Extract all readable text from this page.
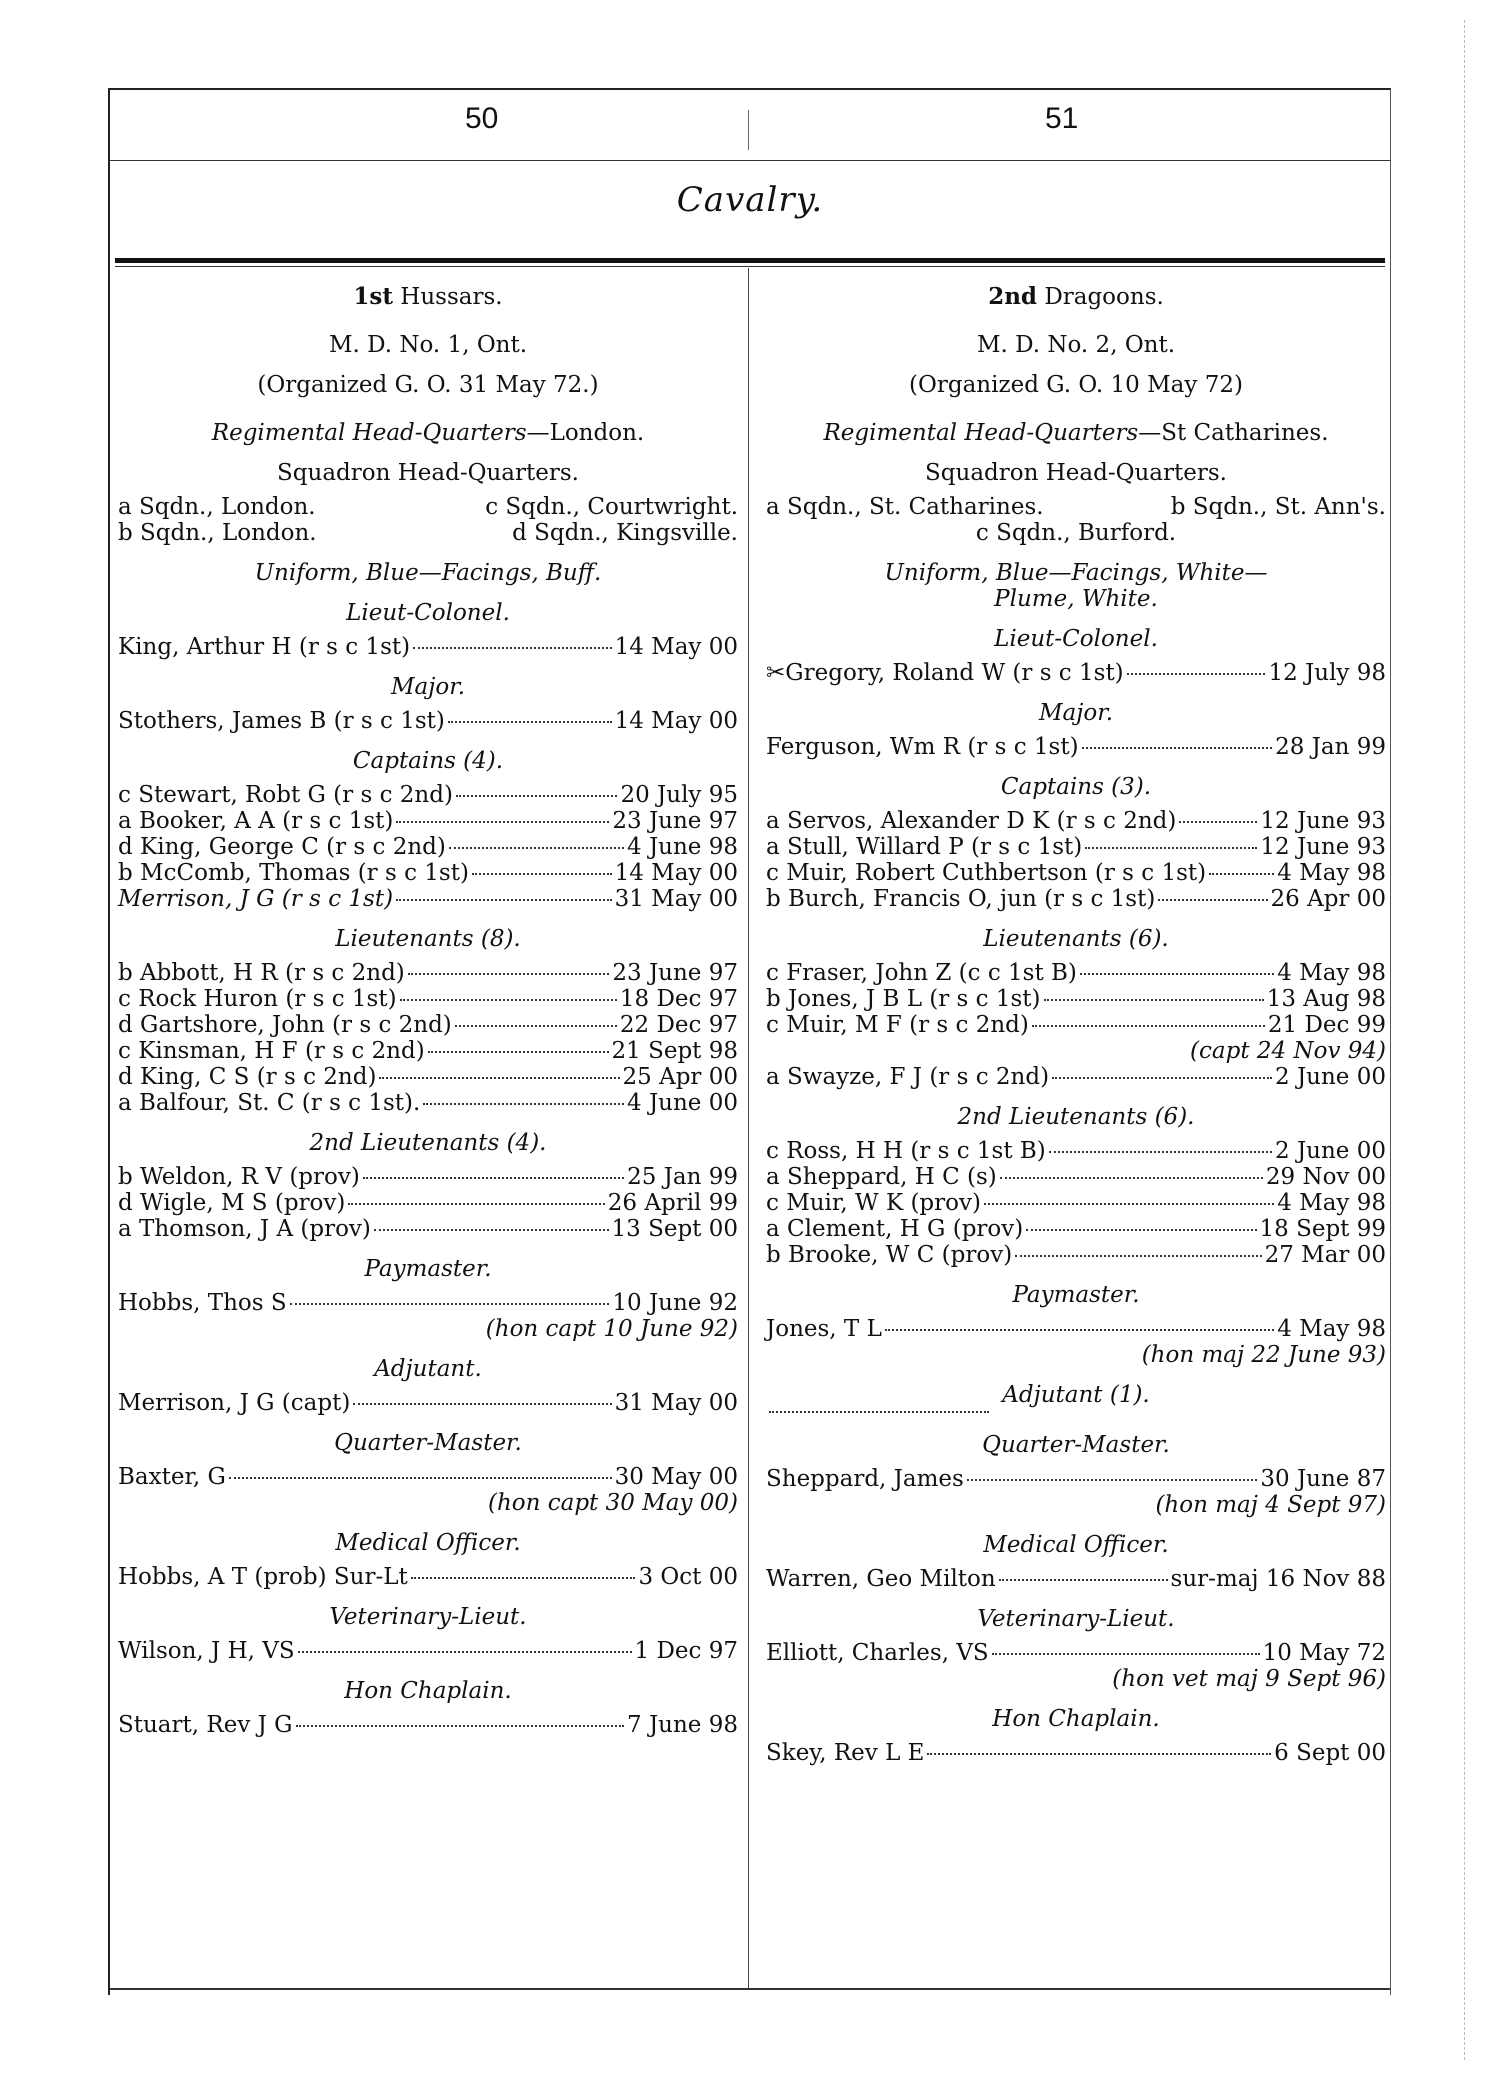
50	51
Cavalry.
1st Hussars.
M. D. No. 1, Ont.
(Organized G. O. 31 May 72.)
Regimental Head-Quarters—London.
Squadron Head-Quarters.
a Sqdn., London.	c Sqdn., Courtwright.
b Sqdn., London.	d Sqdn., Kingsville.
Uniform, Blue—Facings, Buff.
Lieut-Colonel.
King, Arthur H (r s c 1st)	14 May 00
Major.
Stothers, James B (r s c 1st)	14 May 00
Captains (4).
c Stewart, Robt G (r s c 2nd)	20 July 95
a Booker, A A (r s c 1st)	23 June 97
d King, George C (r s c 2nd)	4 June 98
b McComb, Thomas (r s c 1st)	14 May 00
Merrison, J G (r s c 1st)	31 May 00
Lieutenants (8).
b Abbott, H R (r s c 2nd)	23 June 97
c Rock Huron (r s c 1st)	18 Dec 97
d Gartshore, John (r s c 2nd)	22 Dec 97
c Kinsman, H F (r s c 2nd)	21 Sept 98
d King, C S (r s c 2nd)	25 Apr 00
a Balfour, St. C (r s c 1st).	4 June 00
2nd Lieutenants (4).
b Weldon, R V (prov)	25 Jan 99
d Wigle, M S (prov)	26 April 99
a Thomson, J A (prov)	13 Sept 00
Paymaster.
Hobbs, Thos S	10 June 92
(hon capt 10 June 92)
Adjutant.
Merrison, J G (capt)	31 May 00
Quarter-Master.
Baxter, G	30 May 00
(hon capt 30 May 00)
Medical Officer.
Hobbs, A T (prob) Sur-Lt	3 Oct 00
Veterinary-Lieut.
Wilson, J H, VS	1 Dec 97
Hon Chaplain.
Stuart, Rev J G	7 June 98
2nd Dragoons.
M. D. No. 2, Ont.
(Organized G. O. 10 May 72)
Regimental Head-Quarters—St Catharines.
Squadron Head-Quarters.
a Sqdn., St. Catharines.	b Sqdn., St. Ann's.
c Sqdn., Burford.
Uniform, Blue—Facings, White—
Plume, White.
Lieut-Colonel.
✂ Gregory, Roland W (r s c 1st)	12 July 98
Major.
Ferguson, Wm R (r s c 1st)	28 Jan 99
Captains (3).
a Servos, Alexander D K (r s c 2nd)	12 June 93
a Stull, Willard P (r s c 1st)	12 June 93
c Muir, Robert Cuthbertson (r s c 1st)	4 May 98
b Burch, Francis O, jun (r s c 1st)	26 Apr 00
Lieutenants (6).
c Fraser, John Z (c c 1st B)	4 May 98
b Jones, J B L (r s c 1st)	13 Aug 98
c Muir, M F (r s c 2nd)	21 Dec 99
(capt 24 Nov 94)
a Swayze, F J (r s c 2nd)	2 June 00
2nd Lieutenants (6).
c Ross, H H (r s c 1st B)	2 June 00
a Sheppard, H C (s)	29 Nov 00
c Muir, W K (prov)	4 May 98
a Clement, H G (prov)	18 Sept 99
b Brooke, W C (prov)	27 Mar 00
Paymaster.
Jones, T L	4 May 98
(hon maj 22 June 93)
Adjutant (1).
Quarter-Master.
Sheppard, James	30 June 87
(hon maj 4 Sept 97)
Medical Officer.
Warren, Geo Milton	sur-maj 16 Nov 88
Veterinary-Lieut.
Elliott, Charles, VS	10 May 72
(hon vet maj 9 Sept 96)
Hon Chaplain.
Skey, Rev L E	6 Sept 00
